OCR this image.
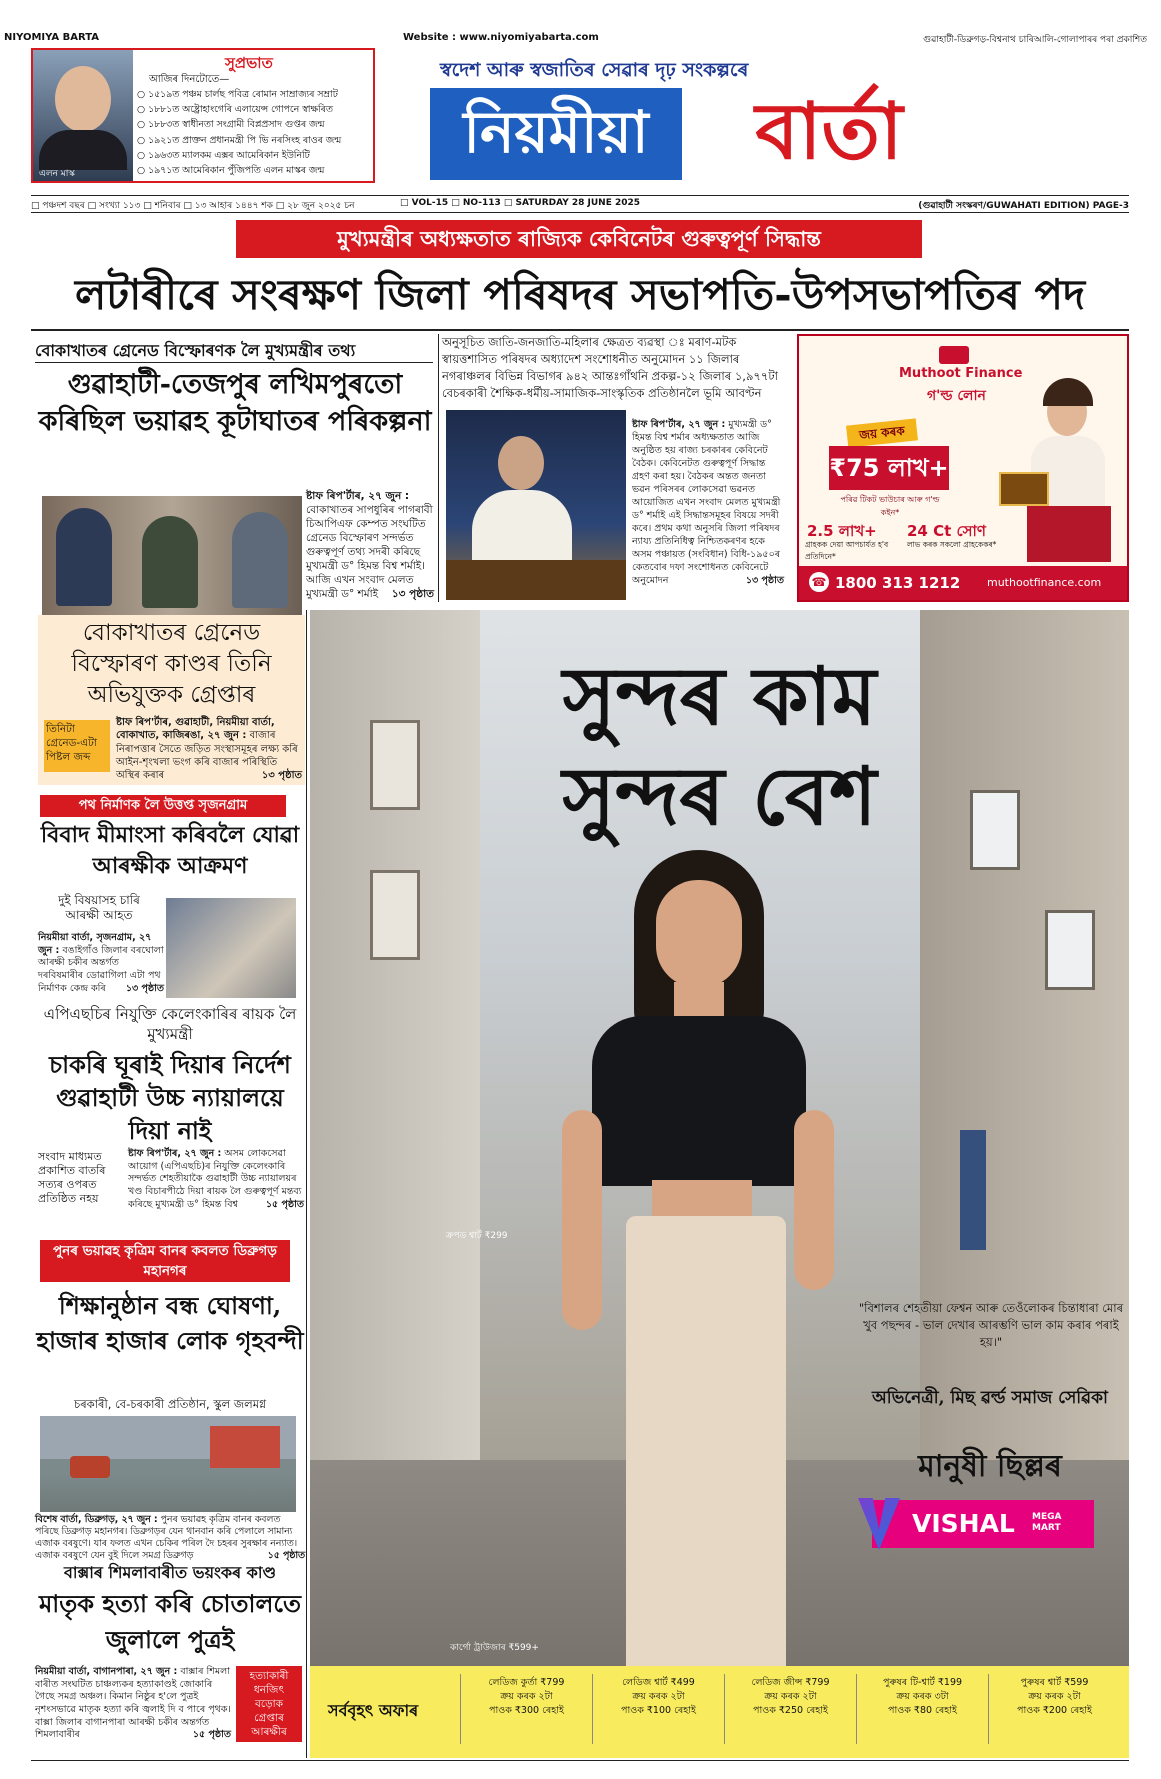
NIYOMIYA BARTA	Website : www.niyomiyabarta.com	গুৱাহাটী-ডিব্ৰুগড়-বিশ্বনাথ চাৰিআলি-গোলাপাৰৰ পৰা প্ৰকাশিত
এলন মাস্ক
সুপ্ৰভাত
আজিৰ দিনটোতে—
○ ১৫১৯ত পঞ্চম চাৰ্লছ পবিত্ৰ ৰোমান সাম্ৰাজ্যৰ সম্ৰাট
○ ১৮৮১ত অষ্ট্ৰোহাংগেৰি এলায়েন্স গোপনে স্বাক্ষৰিত
○ ১৮৮৩ত স্বাধীনতা সংগ্ৰামী বিপ্লপ্ৰসাদ গুপ্তৰ জন্ম
○ ১৯২১ত প্ৰাক্তন প্ৰধানমন্ত্ৰী পি ভি নৰসিংহ ৰাওৰ জন্ম
○ ১৯৬৩ত ম্যালকম এক্সৰ আমেৰিকান ইউনিটি
○ ১৯৭১ত আমেৰিকান পুঁজিপতি এলন মাস্কৰ জন্ম
স্বদেশ আৰু স্বজাতিৰ সেৱাৰ দৃঢ় সংকল্পৰে
নিয়মীয়া	বাৰ্তা
□ পঞ্চদশ বছৰ □ সংখ্যা ১১৩ □ শনিবাৰ □ ১৩ আহাৰ ১৪৪৭ শক □ ২৮ জুন ২০২৫ চন	□ VOL-15 □ NO-113 □ SATURDAY 28 JUNE 2025	(গুৱাহাটী সংস্কৰণ/GUWAHATI EDITION) PAGE-3
মুখ্যমন্ত্ৰীৰ অধ্যক্ষতাত ৰাজ্যিক কেবিনেটৰ গুৰুত্বপূৰ্ণ সিদ্ধান্ত
লটাৰীৰে সংৰক্ষণ জিলা পৰিষদৰ সভাপতি-উপসভাপতিৰ পদ
বোকাখাতৰ গ্ৰেনেড বিস্ফোৰণক লৈ মুখ্যমন্ত্ৰীৰ তথ্য
গুৱাহাটী-তেজপুৰ লখিমপুৰতো কৰিছিল ভয়াৱহ কূটাঘাতৰ পৰিকল্পনা
ষ্টাফ ৰিপ'ৰ্টাৰ, ২৭ জুন : বোকাখাতৰ সাপধুৰিৰ পাগৰাবী চিআপিএফ কেম্পত সংঘটিত গ্ৰেনেড বিস্ফোৰণ সন্দৰ্ভত গুৰুত্বপূৰ্ণ তথ্য সদৰী কৰিছে মুখ্যমন্ত্ৰী ড° হিমন্ত বিশ্ব শৰ্মাই। আজি এখন সংবাদ মেলত মুখ্যমন্ত্ৰী ড° শৰ্মাই ১৩ পৃষ্ঠাত
বোকাখাতৰ গ্ৰেনেড বিস্ফোৰণ কাণ্ডৰ তিনি অভিযুক্তক গ্ৰেপ্তাৰ
তিনিটা গ্ৰেনেড-এটা পিষ্টল জব্দ
ষ্টাফ ৰিপ'ৰ্টাৰ, গুৱাহাটী, নিয়মীয়া বাৰ্তা, বোকাখাত, কাজিৰঙা, ২৭ জুন : বাজাৰ নিৰাপত্তাৰ সৈতে জড়িত সংস্থাসমূহৰ লক্ষ্য কৰি আইন-শৃংখলা ভংগ কৰি বাজাৰ পৰিস্থিতি অস্থিৰ কৰাৰ	১৩ পৃষ্ঠাত
পথ নিৰ্মাণক লৈ উত্তপ্ত সৃজনগ্ৰাম
বিবাদ মীমাংসা কৰিবলৈ যোৱা আৰক্ষীক আক্ৰমণ
দুই বিষয়াসহ চাৰি আৰক্ষী আহত
নিয়মীয়া বাৰ্তা, সৃজনগ্ৰাম, ২৭ জুন : বঙাইগাঁও জিলাৰ বৰঘোলা আৰক্ষী চকীৰ অন্তৰ্গত দৰবিষমাৰীৰ ডোৱাগিলা এটা পথ নিৰ্মাণক কেন্দ্ৰ কৰি ১৩ পৃষ্ঠাত
এপিএছচিৰ নিযুক্তি কেলেংকাৰিৰ ৰায়ক লৈ মুখ্যমন্ত্ৰী
চাকৰি ঘূৰাই দিয়াৰ নিৰ্দেশ গুৱাহাটী উচ্চ ন্যায়ালয়ে দিয়া নাই
সংবাদ মাধ্যমত প্ৰকাশিত বাতৰি সত্যৰ ওপৰত প্ৰতিষ্ঠিত নহয়
ষ্টাফ ৰিপ'ৰ্টাৰ, ২৭ জুন : অসম লোকসেৱা আয়োগ (এপিএছচি)ৰ নিযুক্তি কেলেংকাৰি সন্দৰ্ভত শেহতীয়াকৈ গুৱাহাটী উচ্চ ন্যায়ালয়ৰ খণ্ড বিচাৰপীঠে দিয়া ৰায়ক লৈ গুৰুত্বপূৰ্ণ মন্তব্য কৰিছে মুখ্যমন্ত্ৰী ড° হিমন্ত বিশ্ব	১৫ পৃষ্ঠাত
পুনৰ ভয়াৱহ কৃত্ৰিম বানৰ কবলত ডিব্ৰুগড় মহানগৰ
শিক্ষানুষ্ঠান বন্ধ ঘোষণা, হাজাৰ হাজাৰ লোক গৃহবন্দী
চৰকাৰী, বে-চৰকাৰী প্ৰতিষ্ঠান, স্কুল জলমগ্ন
বিশেষ বাৰ্তা, ডিব্ৰুগড়, ২৭ জুন : পুনৰ ভয়াৱহ কৃত্ৰিম বানৰ কবলত পৰিছে ডিব্ৰুগড় মহানগৰ। ডিব্ৰুগড়ৰ যেন থানবান কৰি পেলালে সামান্য এজাক বৰষুণে। যাৰ ফলত এখন চেকিৰ পৰিল দৈ চহৰৰ সুৰক্ষাৰ নন্যাত। এজাক বৰষুণে যেন বুই দিলে সমগ্ৰ ডিব্ৰুগড়	১৫ পৃষ্ঠাত
বাক্সাৰ শিমলাবাৰীত ভয়ংকৰ কাণ্ড
মাতৃক হত্যা কৰি চোতালতে জুলালে পুত্ৰই
নিয়মীয়া বাৰ্তা, বাগানপাৰা, ২৭ জুন : বাক্সাৰ শিমলা বাৰীত সংঘটিত চাঞ্চল্যকৰ হত্যাকাণ্ডই জোকাৰি গৈছে সমগ্ৰ অঞ্চল। কিমান নিষ্ঠুৰ হ'লে পুত্ৰই নৃশংসভাৱে মাতৃক হত্যা কৰি জ্বলাই দি ব পাৰে পৃথক। বাক্সা জিলাৰ বাগানপাৰা আৰক্ষী চকীৰ অন্তৰ্গত শিমলাবাৰীৰ	১৫ পৃষ্ঠাত
হত্যাকাৰী ধনজিৎ বড়োক গ্ৰেপ্তাৰ আৰক্ষীৰ
অনুসূচিত জাতি-জনজাতি-মহিলাৰ ক্ষেত্ৰত ব্যৱস্থা ঃ মৰাণ-মটক স্বায়ত্তশাসিত পৰিষদৰ অধ্যাদেশ সংশোধনীত অনুমোদন ১১ জিলাৰ নগৰাঞ্চলৰ বিভিন্ন বিভাগৰ ৯৪২ আন্তঃগাঁথনি প্ৰকল্প-১২ জিলাৰ ১,৯৭৭টা বেচৰকাৰী শৈক্ষিক-ধৰ্মীয়-সামাজিক-সাংস্কৃতিক প্ৰতিষ্ঠানলৈ ভূমি আবণ্টন
ষ্টাফ ৰিপ'ৰ্টাৰ, ২৭ জুন : মুখ্যমন্ত্ৰী ড° হিমন্ত বিশ্ব শৰ্মাৰ অধ্যক্ষতাত আজি অনুষ্ঠিত হয় ৰাজ্য চৰকাৰৰ কেবিনেট বৈঠক। কেবিনেটত গুৰুত্বপূৰ্ণ সিদ্ধান্ত গ্ৰহণ কৰা হয়। বৈঠকৰ অন্তত জনতা ভৱন পৰিসৰৰ লোকসেৱা ভৱনত আয়োজিত এখন সংবাদ মেলত মুখ্যমন্ত্ৰী ড° শৰ্মাই এই সিদ্ধান্তসমূহৰ বিষয়ে সদৰী কৰে। প্ৰথম কথা অনুসৰি জিলা পৰিষদৰ ন্যায্য প্ৰতিনিধিত্ব নিশ্চিতকৰণৰ হকে অসম পঞ্চায়ত (সংবিধান) বিধি-১৯৫০ৰ কেতবোৰ দফা সংশোধনত কেবিনেটে অনুমোদন	১৩ পৃষ্ঠাত
Muthoot Finance
গ'ল্ড লোন
জয় কৰক
₹75 লাখ+
পৰিৱ টিকট ভাউচাৰ আৰু গ'ল্ড কইন*
2.5 লাখ+
গ্ৰাহকক দেয়া আপচাৰ্যত হ'ব প্ৰতিদিনে*
24 Ct সোণ
লাভ কৰক সকলো গ্ৰাহকেকৰ*
☎ 1800 313 1212 muthootfinance.com
সুন্দৰ কাম
সুন্দৰ বেশ
ক্ৰপড শ্বাৰ্ট ₹299
কাৰ্গো ট্ৰাউজাৰ ₹599+
"বিশালৰ শেহতীয়া ফেশ্বন আৰু তেওঁলোকৰ চিন্তাধাৰা মোৰ খুব পছন্দৰ - ভাল দেখাৰ আৰম্ভণি ভাল কাম কৰাৰ পৰাই হয়।"
অভিনেত্ৰী, মিছ ৱৰ্ল্ড সমাজ সেৱিকা
মানুষী ছিল্লৰ
VISHAL MEGA MART
সৰ্ববৃহৎ অফাৰ
লেডিজ কুৰ্তা ₹799
ক্ৰয় কৰক ২টা
পাওক ₹300 ৰেহাই
লেডিজ শ্বাৰ্ট ₹499
ক্ৰয় কৰক ২টা
পাওক ₹100 ৰেহাই
লেডিজ জীন্স ₹799
ক্ৰয় কৰক ২টা
পাওক ₹250 ৰেহাই
পুৰুষৰ টি-শ্বাৰ্ট ₹199
ক্ৰয় কৰক ৩টা
পাওক ₹80 ৰেহাই
পুৰুষৰ শ্বাৰ্ট ₹599
ক্ৰয় কৰক ২টা
পাওক ₹200 ৰেহাই
